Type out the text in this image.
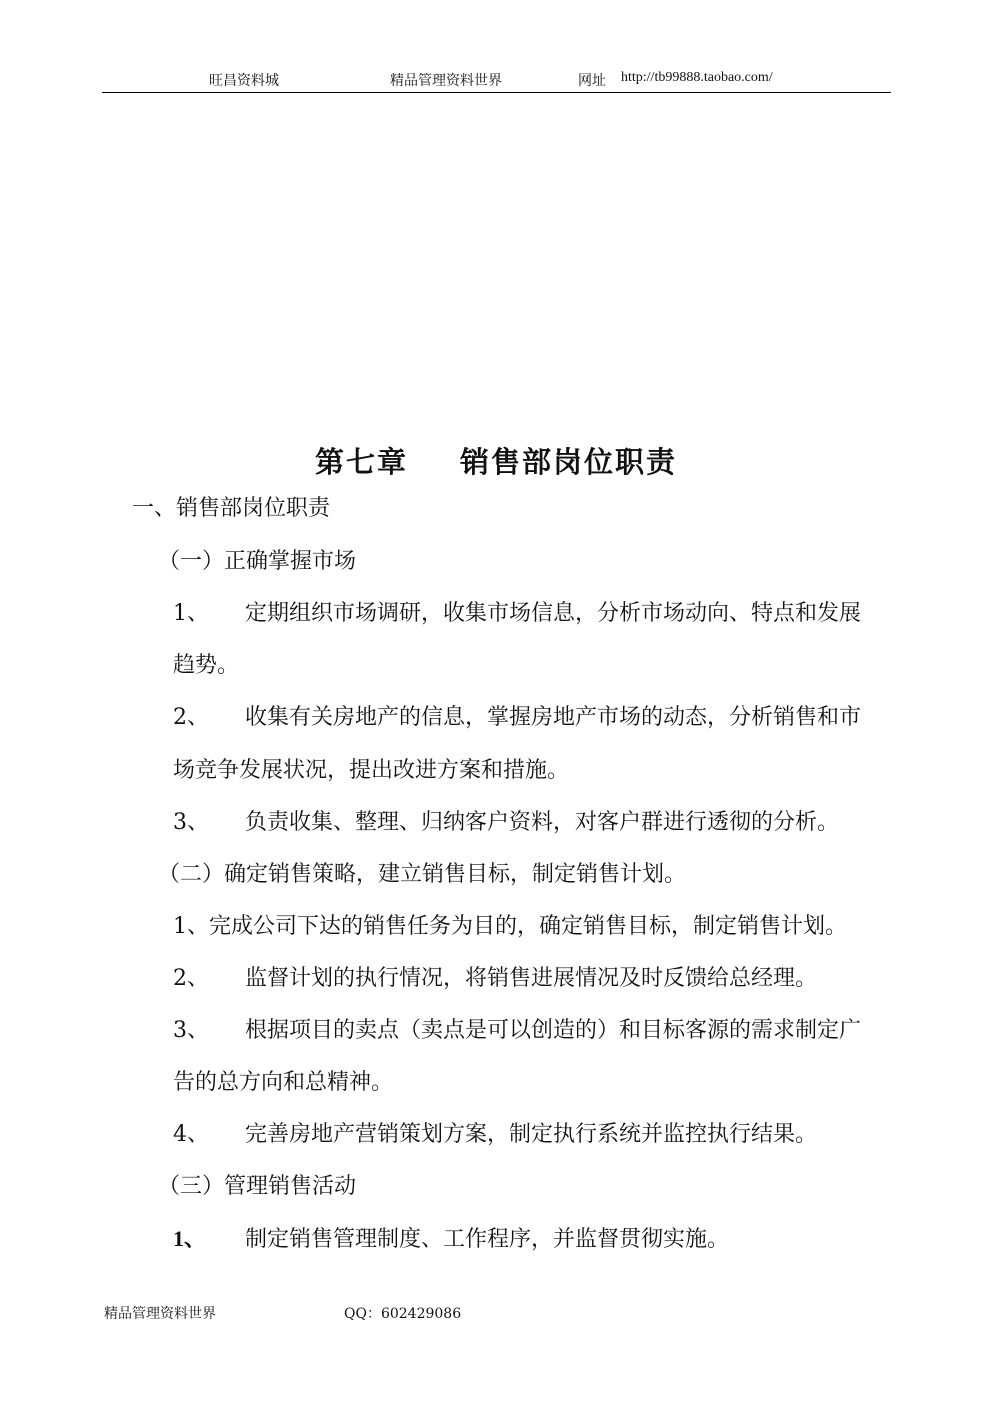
旺昌资料城	精品管理资料世界	网址 http://tb99888.taobao.com/
第七章 销售部岗位职责
一、销售部岗位职责
（一）正确掌握市场
1、 定期组织市场调研，收集市场信息，分析市场动向、特点和发展
趋势。
2、 收集有关房地产的信息，掌握房地产市场的动态，分析销售和市
场竞争发展状况，提出改进方案和措施。
3、 负责收集、整理、归纳客户资料，对客户群进行透彻的分析。
（二）确定销售策略，建立销售目标，制定销售计划。
1、完成公司下达的销售任务为目的，确定销售目标，制定销售计划。
2、 监督计划的执行情况，将销售进展情况及时反馈给总经理。
3、 根据项目的卖点（卖点是可以创造的）和目标客源的需求制定广
告的总方向和总精神。
4、 完善房地产营销策划方案，制定执行系统并监控执行结果。
（三）管理销售活动
1、 制定销售管理制度、工作程序，并监督贯彻实施。
精品管理资料世界	QQ：602429086
